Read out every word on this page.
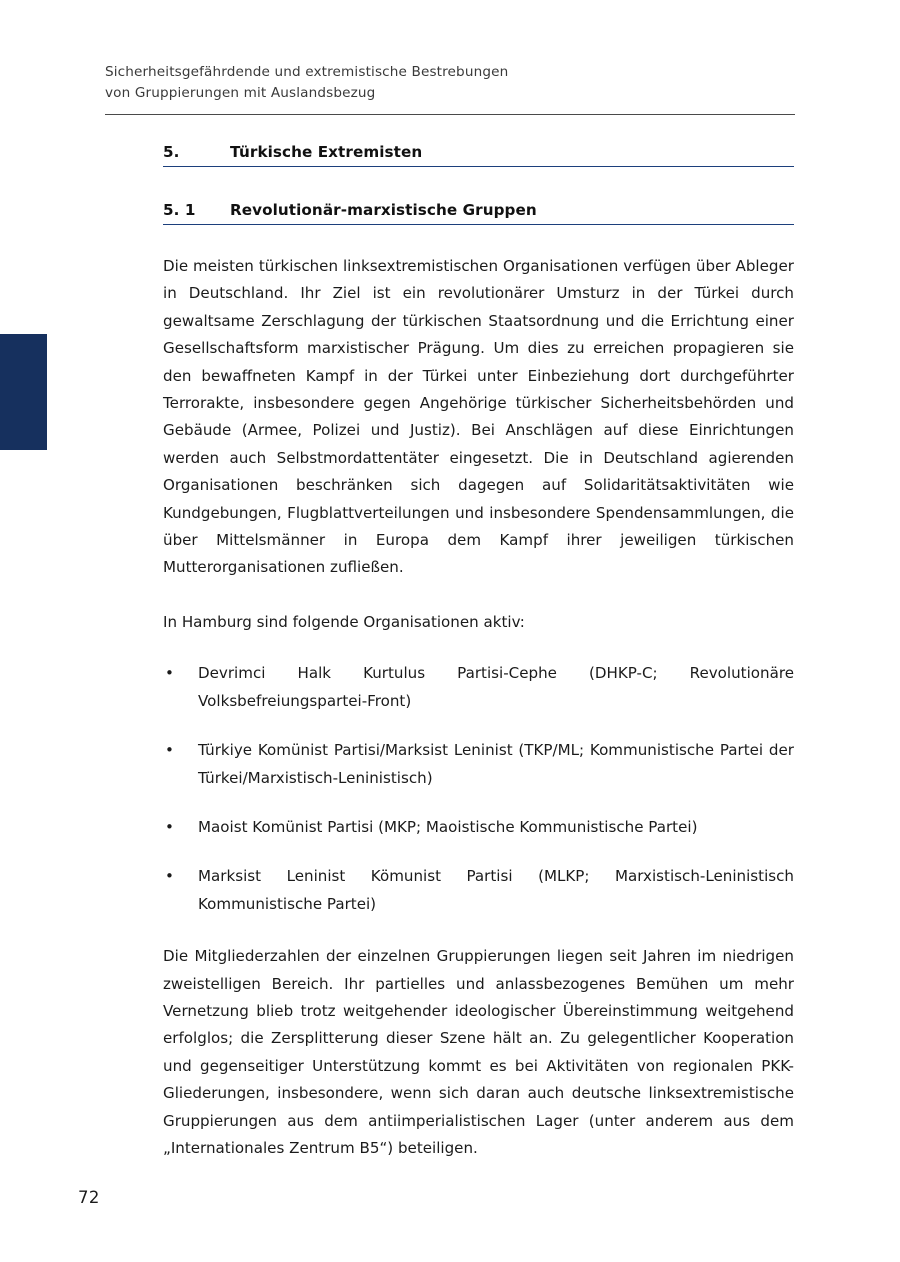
Sicherheitsgefährdende und extremistische Bestrebungen
von Gruppierungen mit Auslandsbezug
5.	Türkische Extremisten
5. 1	Revolutionär-marxistische Gruppen

Die meisten türkischen linksextremistischen Organisationen verfügen über Ableger in Deutschland. Ihr Ziel ist ein revolutionärer Umsturz in der Türkei durch gewaltsame Zerschlagung der türkischen Staatsordnung und die Errichtung einer Gesellschaftsform marxistischer Prägung. Um dies zu erreichen propagieren sie den bewaffneten Kampf in der Türkei unter Einbeziehung dort durchgeführter Terrorakte, insbesondere gegen Angehörige türkischer Sicherheitsbehörden und Gebäude (Armee, Polizei und Justiz). Bei Anschlägen auf diese Einrichtungen werden auch Selbstmordattentäter eingesetzt. Die in Deutschland agierenden Organisationen beschränken sich dagegen auf Solidaritätsaktivitäten wie Kundgebungen, Flugblattverteilungen und insbesondere Spendensammlungen, die über Mittelsmänner in Europa dem Kampf ihrer jeweiligen türkischen Mutterorganisationen zufließen.

In Hamburg sind folgende Organisationen aktiv:

• Devrimci Halk Kurtulus Partisi-Cephe (DHKP-C; Revolutionäre Volksbefreiungspartei-Front)
• Türkiye Komünist Partisi/Marksist Leninist (TKP/ML; Kommunistische Partei der Türkei/Marxistisch-Leninistisch)
• Maoist Komünist Partisi (MKP; Maoistische Kommunistische Partei)
• Marksist Leninist Kömunist Partisi (MLKP; Marxistisch-Leninistisch Kommunistische Partei)

Die Mitgliederzahlen der einzelnen Gruppierungen liegen seit Jahren im niedrigen zweistelligen Bereich. Ihr partielles und anlassbezogenes Bemühen um mehr Vernetzung blieb trotz weitgehender ideologischer Übereinstimmung weitgehend erfolglos; die Zersplitterung dieser Szene hält an. Zu gelegentlicher Kooperation und gegenseitiger Unterstützung kommt es bei Aktivitäten von regionalen PKK-Gliederungen, insbesondere, wenn sich daran auch deutsche linksextremistische Gruppierungen aus dem antiimperialistischen Lager (unter anderem aus dem „Internationales Zentrum B5“) beteiligen.

72
